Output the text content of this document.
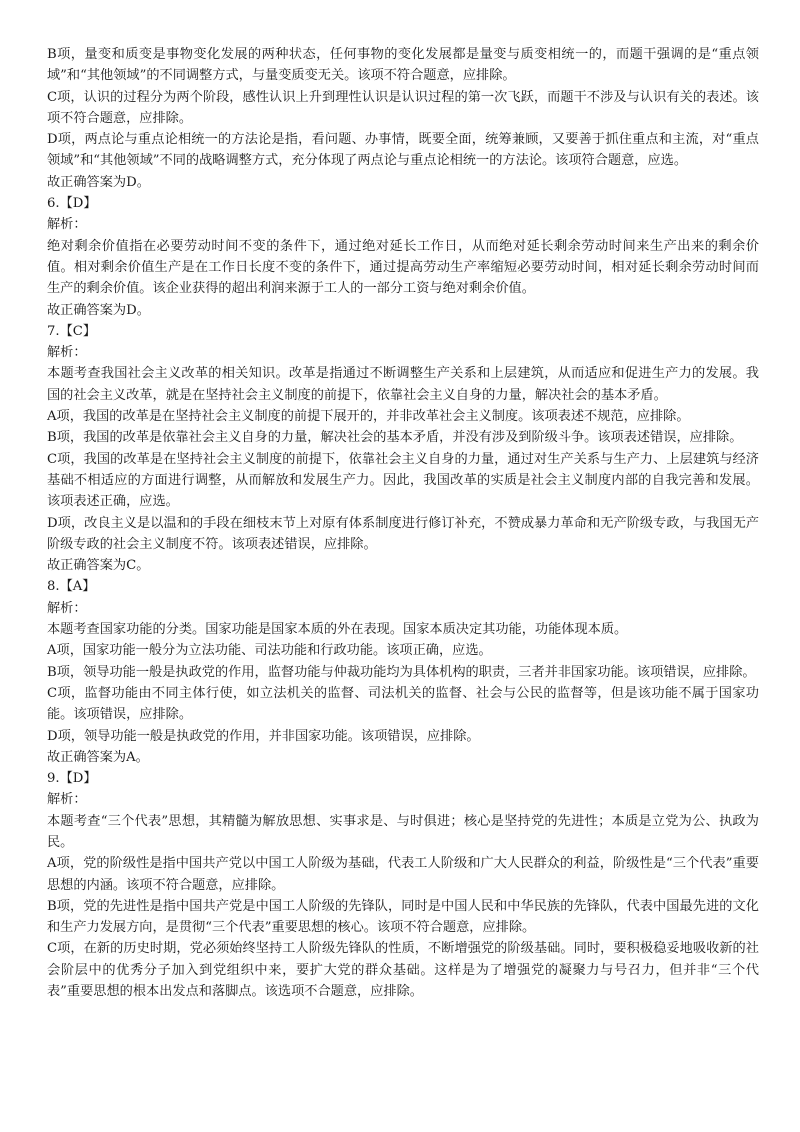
B项，量变和质变是事物变化发展的两种状态，任何事物的变化发展都是量变与质变相统一的，而题干强调的是“重点领域”和“其他领域”的不同调整方式，与量变质变无关。该项不符合题意，应排除。

C项，认识的过程分为两个阶段，感性认识上升到理性认识是认识过程的第一次飞跃，而题干不涉及与认识有关的表述。该项不符合题意，应排除。

D项，两点论与重点论相统一的方法论是指，看问题、办事情，既要全面，统筹兼顾，又要善于抓住重点和主流，对“重点领域”和“其他领域”不同的战略调整方式，充分体现了两点论与重点论相统一的方法论。该项符合题意，应选。

故正确答案为D。

6.【D】

解析：

绝对剩余价值指在必要劳动时间不变的条件下，通过绝对延长工作日，从而绝对延长剩余劳动时间来生产出来的剩余价值。相对剩余价值生产是在工作日长度不变的条件下，通过提高劳动生产率缩短必要劳动时间，相对延长剩余劳动时间而生产的剩余价值。该企业获得的超出利润来源于工人的一部分工资与绝对剩余价值。

故正确答案为D。

7.【C】

解析：

本题考查我国社会主义改革的相关知识。改革是指通过不断调整生产关系和上层建筑，从而适应和促进生产力的发展。我国的社会主义改革，就是在坚持社会主义制度的前提下，依靠社会主义自身的力量，解决社会的基本矛盾。

A项，我国的改革是在坚持社会主义制度的前提下展开的，并非改革社会主义制度。该项表述不规范，应排除。

B项，我国的改革是依靠社会主义自身的力量，解决社会的基本矛盾，并没有涉及到阶级斗争。该项表述错误，应排除。

C项，我国的改革是在坚持社会主义制度的前提下，依靠社会主义自身的力量，通过对生产关系与生产力、上层建筑与经济基础不相适应的方面进行调整，从而解放和发展生产力。因此，我国改革的实质是社会主义制度内部的自我完善和发展。该项表述正确，应选。

D项，改良主义是以温和的手段在细枝末节上对原有体系制度进行修订补充，不赞成暴力革命和无产阶级专政，与我国无产阶级专政的社会主义制度不符。该项表述错误，应排除。

故正确答案为C。

8.【A】

解析：

本题考查国家功能的分类。国家功能是国家本质的外在表现。国家本质决定其功能，功能体现本质。

A项，国家功能一般分为立法功能、司法功能和行政功能。该项正确，应选。

B项，领导功能一般是执政党的作用，监督功能与仲裁功能均为具体机构的职责，三者并非国家功能。该项错误，应排除。

C项，监督功能由不同主体行使，如立法机关的监督、司法机关的监督、社会与公民的监督等，但是该功能不属于国家功能。该项错误，应排除。

D项，领导功能一般是执政党的作用，并非国家功能。该项错误，应排除。

故正确答案为A。

9.【D】

解析：

本题考查“三个代表”思想，其精髓为解放思想、实事求是、与时俱进；核心是坚持党的先进性；本质是立党为公、执政为民。

A项，党的阶级性是指中国共产党以中国工人阶级为基础，代表工人阶级和广大人民群众的利益，阶级性是“三个代表”重要思想的内涵。该项不符合题意，应排除。

B项，党的先进性是指中国共产党是中国工人阶级的先锋队，同时是中国人民和中华民族的先锋队，代表中国最先进的文化和生产力发展方向，是贯彻“三个代表”重要思想的核心。该项不符合题意，应排除。

C项，在新的历史时期，党必须始终坚持工人阶级先锋队的性质，不断增强党的阶级基础。同时，要积极稳妥地吸收新的社会阶层中的优秀分子加入到党组织中来，要扩大党的群众基础。这样是为了增强党的凝聚力与号召力，但并非“三个代表”重要思想的根本出发点和落脚点。该选项不合题意，应排除。
